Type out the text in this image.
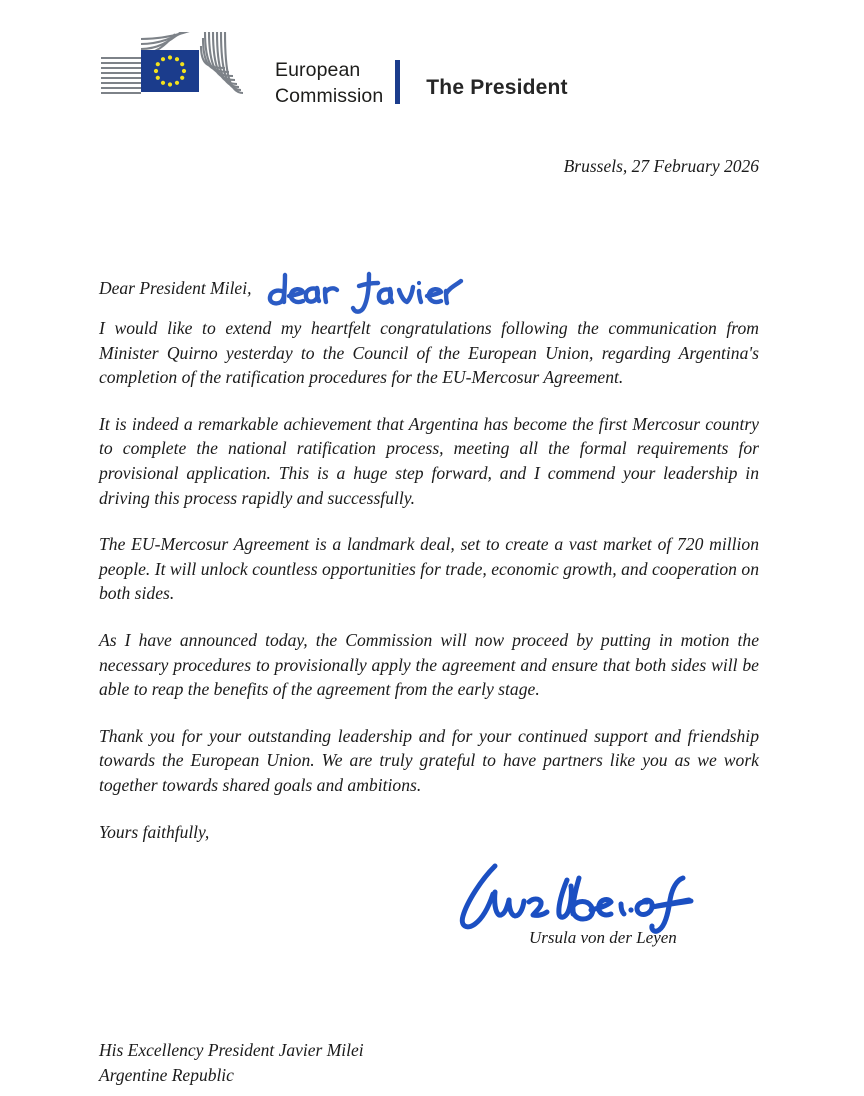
European
Commission	The President
Brussels, 27 February 2026
Dear President Milei,

I would like to extend my heartfelt congratulations following the communication from Minister Quirno yesterday to the Council of the European Union, regarding Argentina's completion of the ratification procedures for the EU-Mercosur Agreement.

It is indeed a remarkable achievement that Argentina has become the first Mercosur country to complete the national ratification process, meeting all the formal requirements for provisional application. This is a huge step forward, and I commend your leadership in driving this process rapidly and successfully.

The EU-Mercosur Agreement is a landmark deal, set to create a vast market of 720 million people. It will unlock countless opportunities for trade, economic growth, and cooperation on both sides.

As I have announced today, the Commission will now proceed by putting in motion the necessary procedures to provisionally apply the agreement and ensure that both sides will be able to reap the benefits of the agreement from the early stage.

Thank you for your outstanding leadership and for your continued support and friendship towards the European Union. We are truly grateful to have partners like you as we work together towards shared goals and ambitions.

Yours faithfully,
Ursula von der Leyen
His Excellency President Javier Milei
Argentine Republic
